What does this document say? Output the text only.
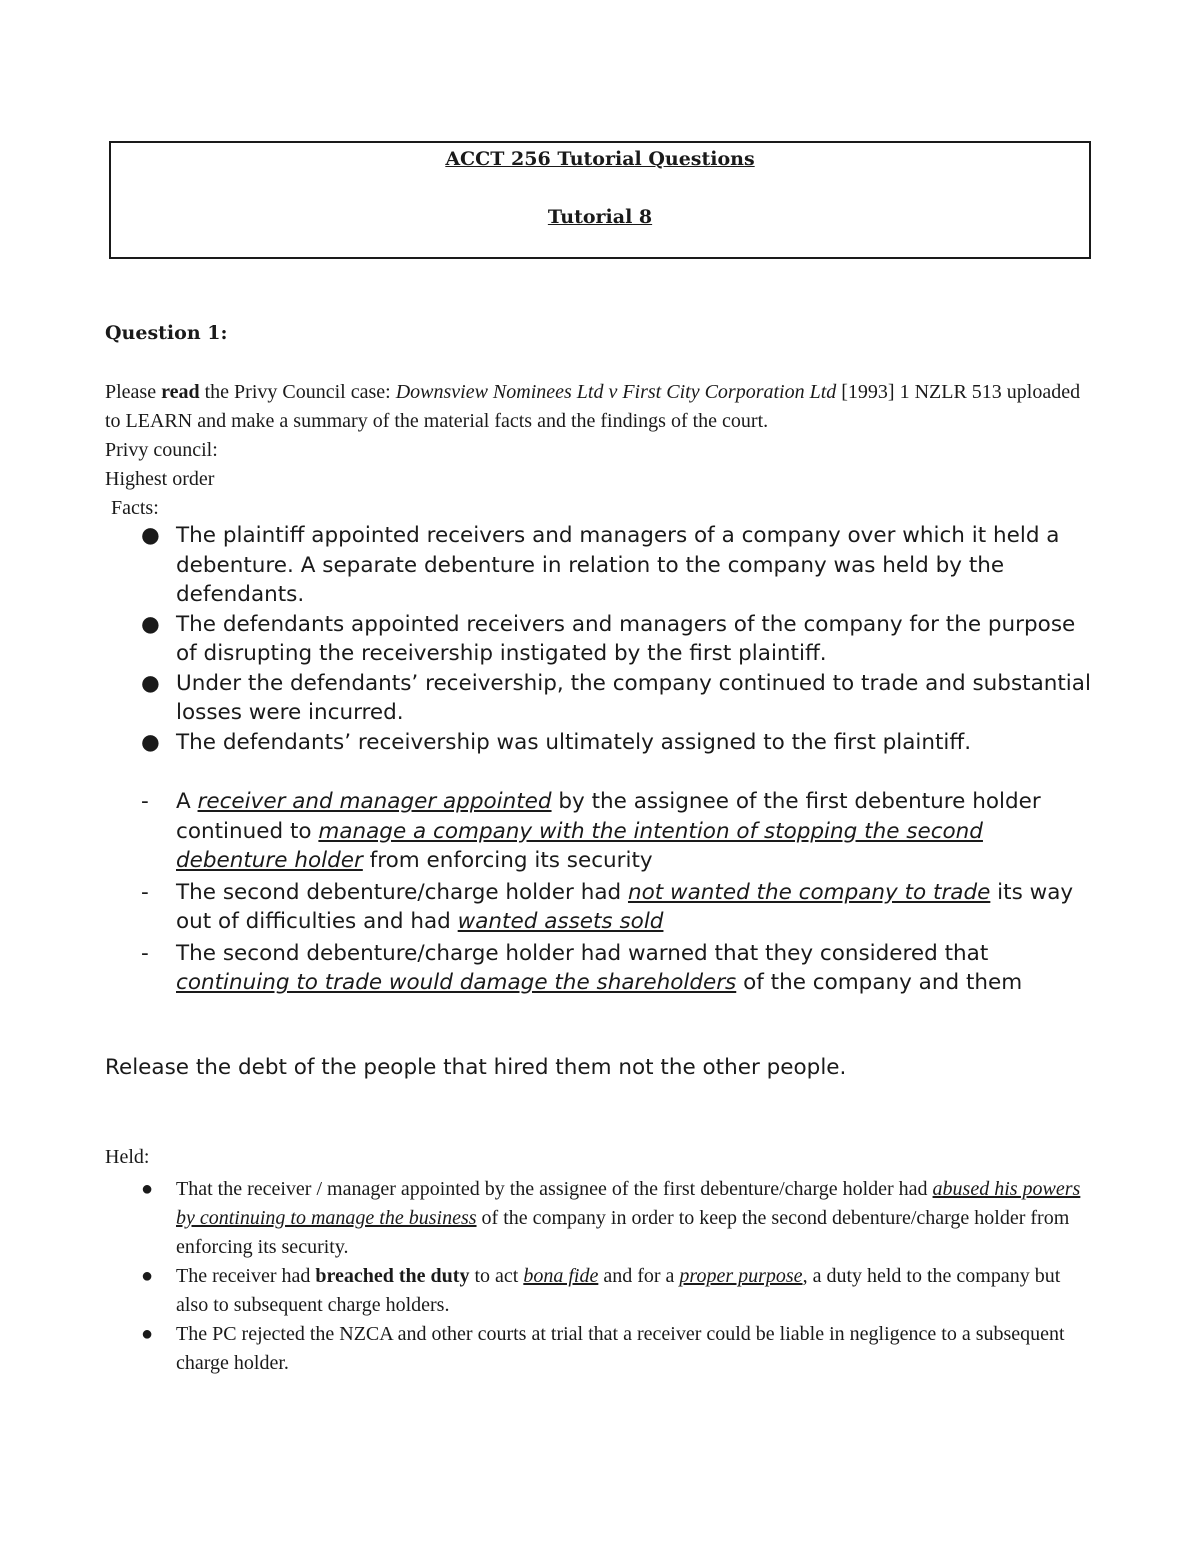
ACCT 256 Tutorial Questions
Tutorial 8
Question 1:
Please read the Privy Council case: Downsview Nominees Ltd v First City Corporation Ltd [1993] 1 NZLR 513 uploaded to LEARN and make a summary of the material facts and the findings of the court.
Privy council:
Highest order
Facts:
● The plaintiff appointed receivers and managers of a company over which it held a debenture. A separate debenture in relation to the company was held by the defendants.
● The defendants appointed receivers and managers of the company for the purpose of disrupting the receivership instigated by the first plaintiff.
● Under the defendants’ receivership, the company continued to trade and substantial losses were incurred.
● The defendants’ receivership was ultimately assigned to the first plaintiff.
- A receiver and manager appointed by the assignee of the first debenture holder continued to manage a company with the intention of stopping the second debenture holder from enforcing its security
- The second debenture/charge holder had not wanted the company to trade its way out of difficulties and had wanted assets sold
- The second debenture/charge holder had warned that they considered that continuing to trade would damage the shareholders of the company and them
Release the debt of the people that hired them not the other people.
Held:
● That the receiver / manager appointed by the assignee of the first debenture/charge holder had abused his powers by continuing to manage the business of the company in order to keep the second debenture/charge holder from enforcing its security.
● The receiver had breached the duty to act bona fide and for a proper purpose, a duty held to the company but also to subsequent charge holders.
● The PC rejected the NZCA and other courts at trial that a receiver could be liable in negligence to a subsequent charge holder.
